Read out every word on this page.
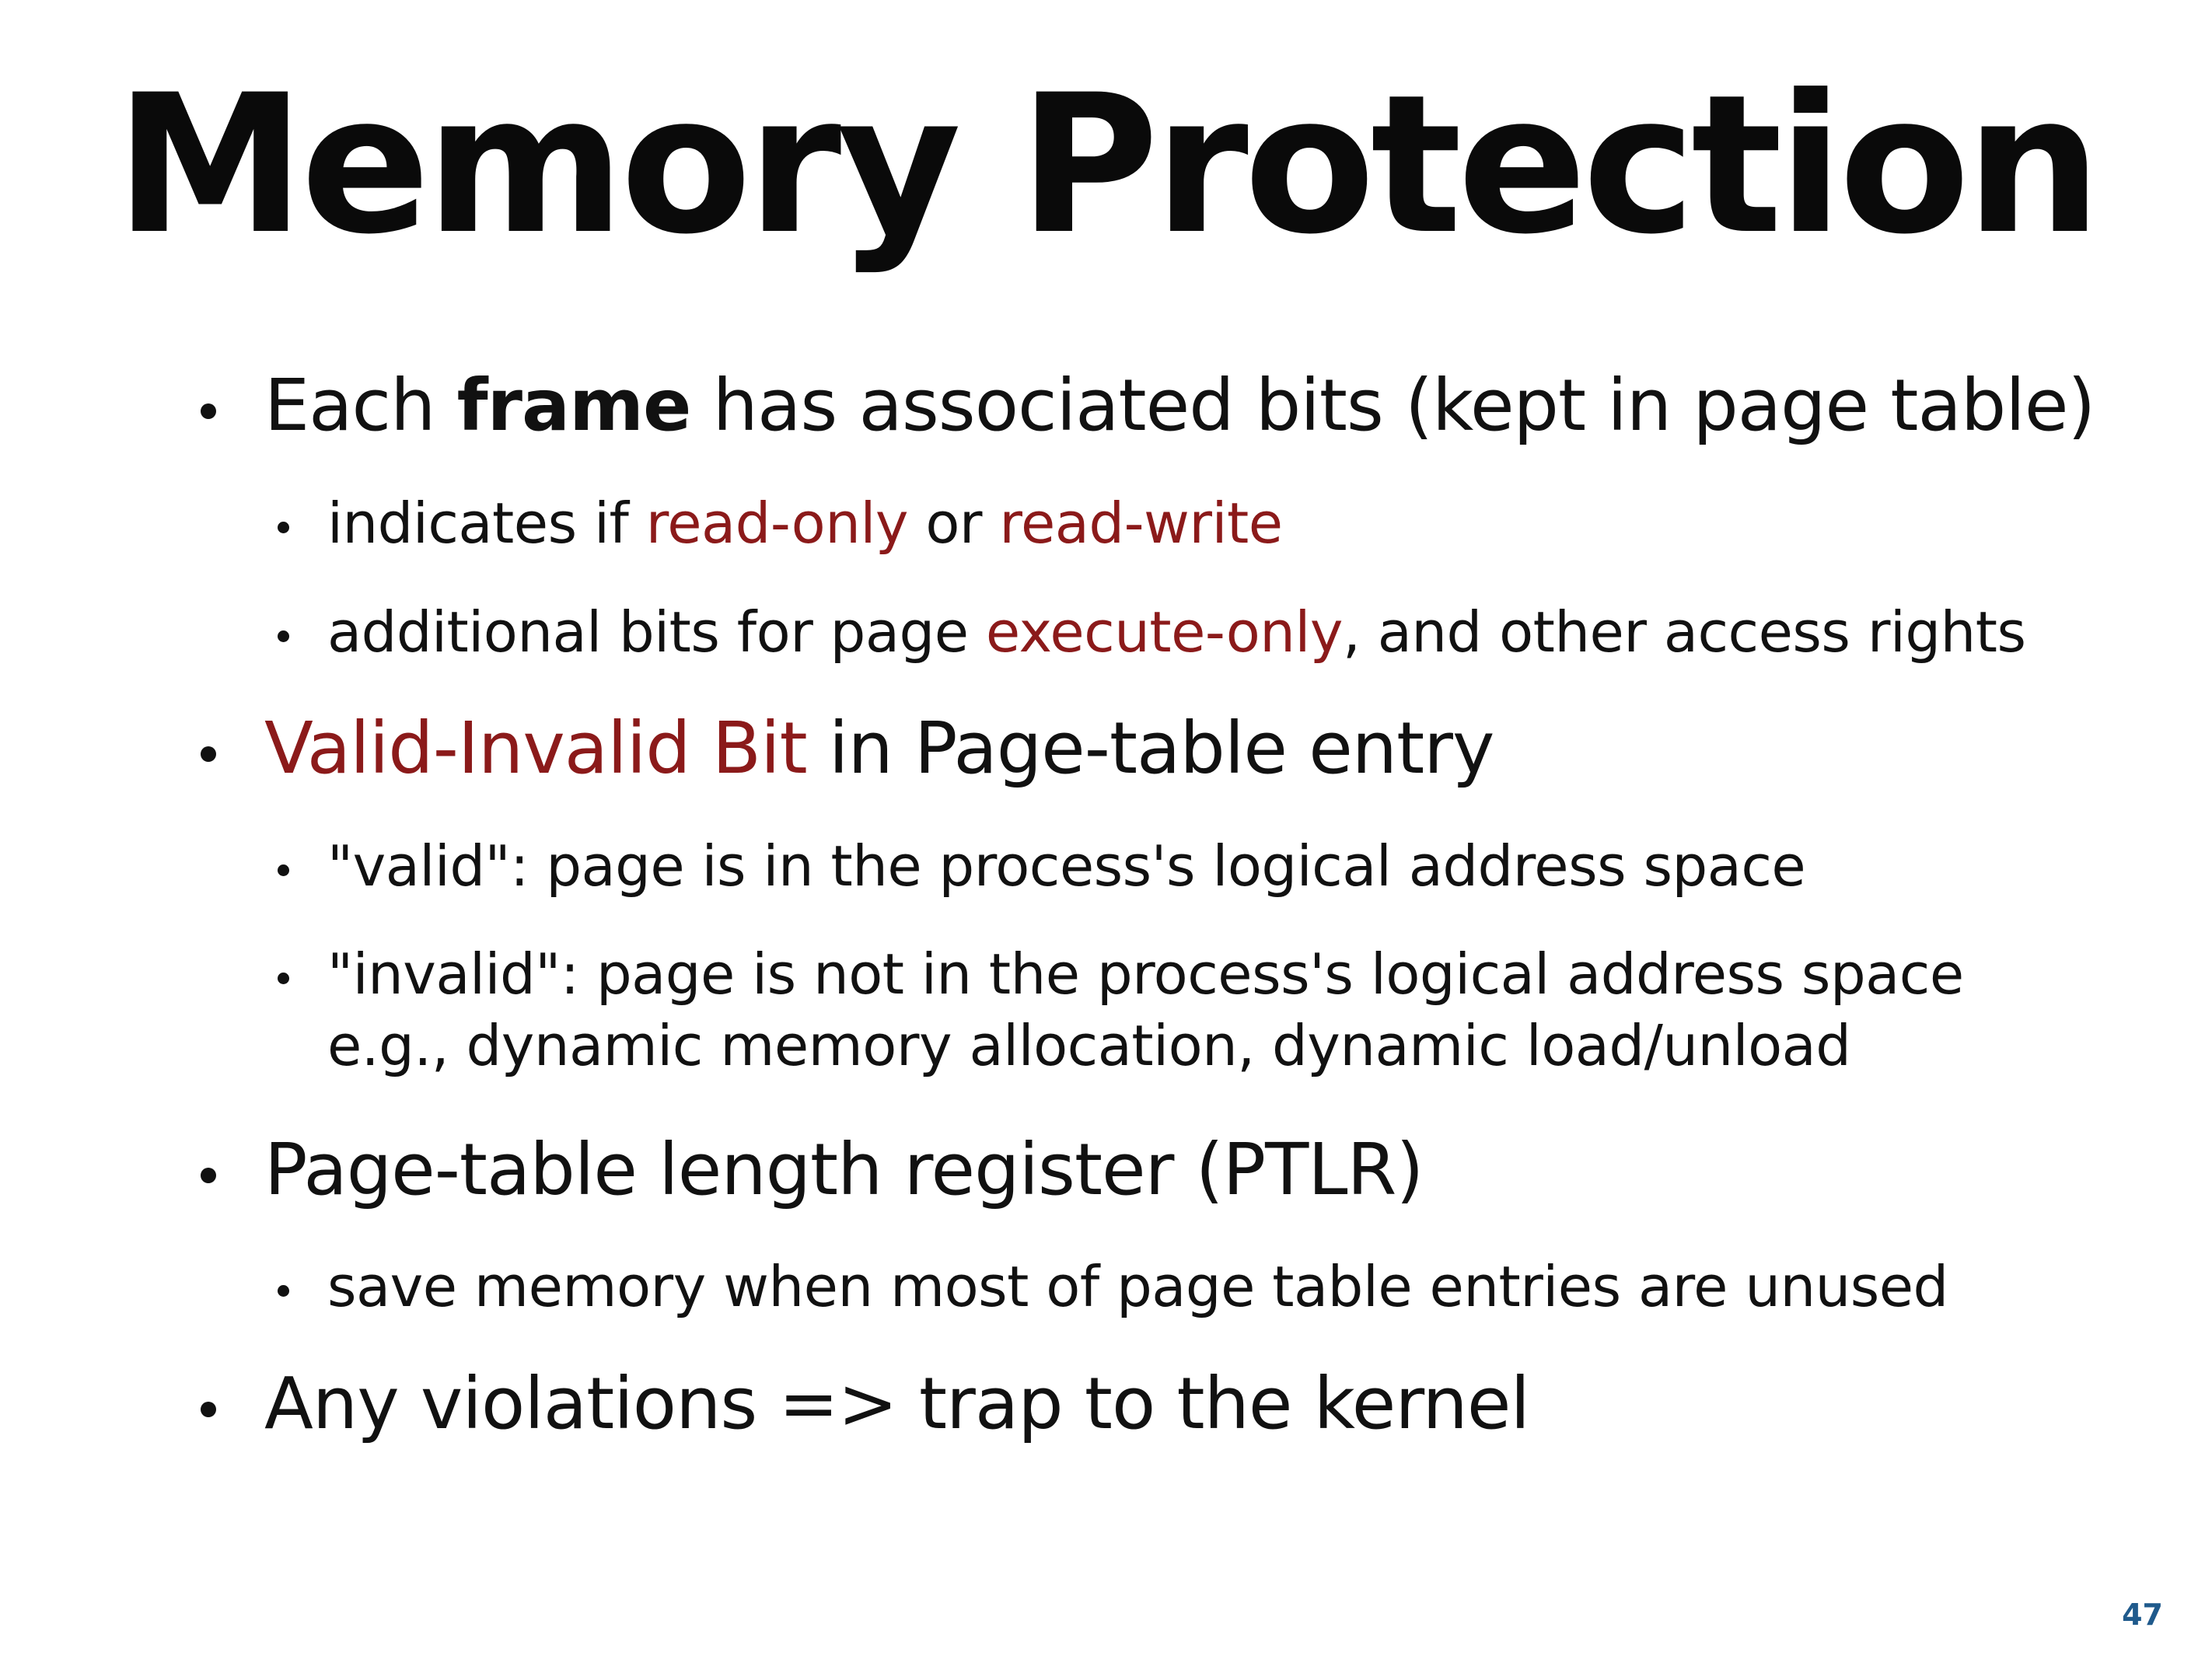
Memory Protection
Each frame has associated bits (kept in page table)
indicates if read-only or read-write
additional bits for page execute-only, and other access rights
Valid-Invalid Bit in Page-table entry
"valid": page is in the process's logical address space
"invalid": page is not in the process's logical address space
e.g., dynamic memory allocation, dynamic load/unload
Page-table length register (PTLR)
save memory when most of page table entries are unused
Any violations => trap to the kernel
47
